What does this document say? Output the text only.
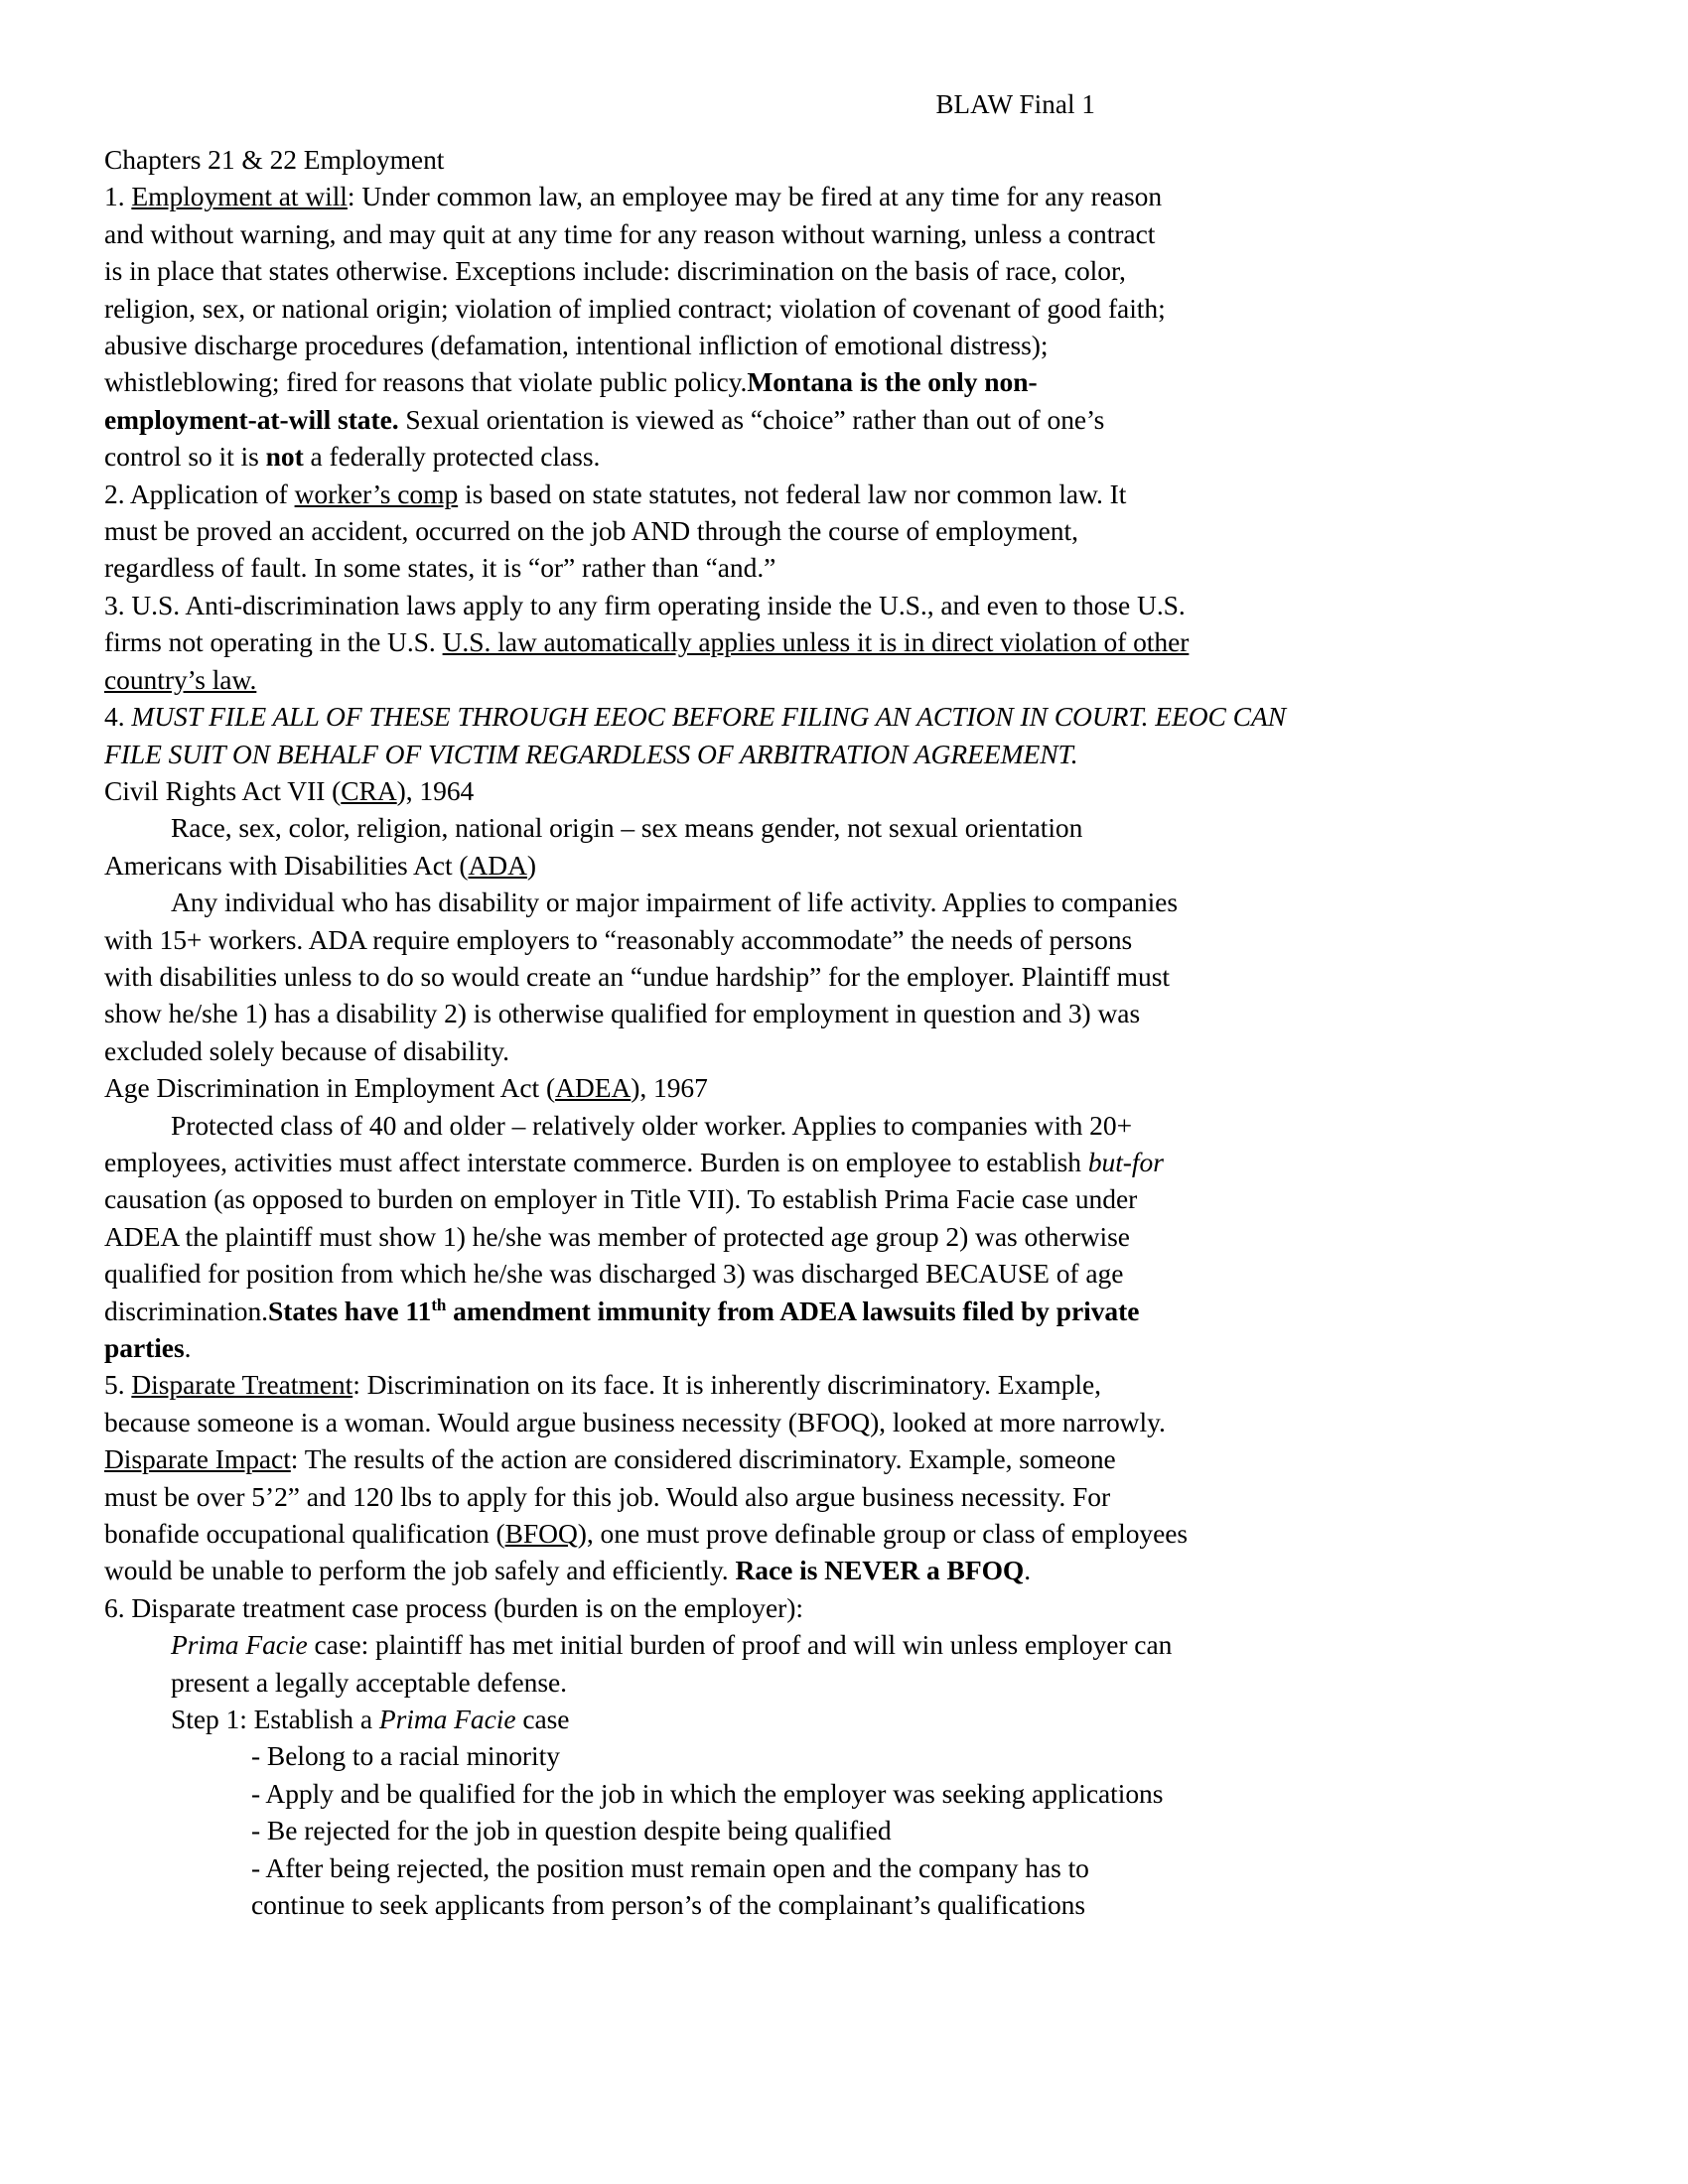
BLAW Final 1
Chapters 21 & 22 Employment
1. Employment at will: Under common law, an employee may be fired at any time for any reason
and without warning, and may quit at any time for any reason without warning, unless a contract
is in place that states otherwise. Exceptions include: discrimination on the basis of race, color,
religion, sex, or national origin; violation of implied contract; violation of covenant of good faith;
abusive discharge procedures (defamation, intentional infliction of emotional distress);
whistleblowing; fired for reasons that violate public policy.Montana is the only non-
employment-at-will state. Sexual orientation is viewed as “choice” rather than out of one’s
control so it is not a federally protected class.
2. Application of worker’s comp is based on state statutes, not federal law nor common law. It
must be proved an accident, occurred on the job AND through the course of employment,
regardless of fault. In some states, it is “or” rather than “and.”
3. U.S. Anti-discrimination laws apply to any firm operating inside the U.S., and even to those U.S.
firms not operating in the U.S. U.S. law automatically applies unless it is in direct violation of other
country’s law.
4. MUST FILE ALL OF THESE THROUGH EEOC BEFORE FILING AN ACTION IN COURT. EEOC CAN
FILE SUIT ON BEHALF OF VICTIM REGARDLESS OF ARBITRATION AGREEMENT.
Civil Rights Act VII (CRA), 1964
Race, sex, color, religion, national origin – sex means gender, not sexual orientation
Americans with Disabilities Act (ADA)
Any individual who has disability or major impairment of life activity. Applies to companies
with 15+ workers. ADA require employers to “reasonably accommodate” the needs of persons
with disabilities unless to do so would create an “undue hardship” for the employer. Plaintiff must
show he/she 1) has a disability 2) is otherwise qualified for employment in question and 3) was
excluded solely because of disability.
Age Discrimination in Employment Act (ADEA), 1967
Protected class of 40 and older – relatively older worker. Applies to companies with 20+
employees, activities must affect interstate commerce. Burden is on employee to establish but-for
causation (as opposed to burden on employer in Title VII). To establish Prima Facie case under
ADEA the plaintiff must show 1) he/she was member of protected age group 2) was otherwise
qualified for position from which he/she was discharged 3) was discharged BECAUSE of age
discrimination.States have 11th amendment immunity from ADEA lawsuits filed by private
parties.
5. Disparate Treatment: Discrimination on its face. It is inherently discriminatory. Example,
because someone is a woman. Would argue business necessity (BFOQ), looked at more narrowly.
Disparate Impact: The results of the action are considered discriminatory. Example, someone
must be over 5’2” and 120 lbs to apply for this job. Would also argue business necessity. For
bonafide occupational qualification (BFOQ), one must prove definable group or class of employees
would be unable to perform the job safely and efficiently. Race is NEVER a BFOQ.
6. Disparate treatment case process (burden is on the employer):
Prima Facie case: plaintiff has met initial burden of proof and will win unless employer can
present a legally acceptable defense.
Step 1: Establish a Prima Facie case
- Belong to a racial minority
- Apply and be qualified for the job in which the employer was seeking applications
- Be rejected for the job in question despite being qualified
- After being rejected, the position must remain open and the company has to
continue to seek applicants from person’s of the complainant’s qualifications
